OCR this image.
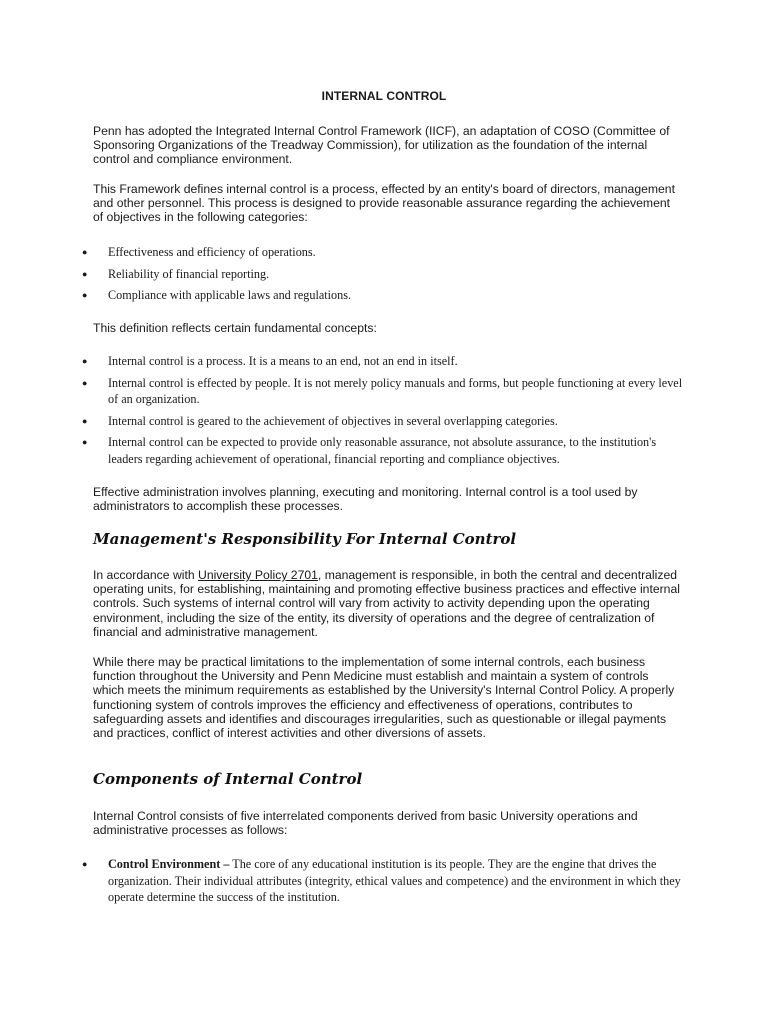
INTERNAL CONTROL

Penn has adopted the Integrated Internal Control Framework (IICF), an adaptation of COSO (Committee of Sponsoring Organizations of the Treadway Commission), for utilization as the foundation of the internal control and compliance environment.

This Framework defines internal control is a process, effected by an entity's board of directors, management and other personnel. This process is designed to provide reasonable assurance regarding the achievement of objectives in the following categories:

● Effectiveness and efficiency of operations.
● Reliability of financial reporting.
● Compliance with applicable laws and regulations.

This definition reflects certain fundamental concepts:

● Internal control is a process. It is a means to an end, not an end in itself.
● Internal control is effected by people. It is not merely policy manuals and forms, but people functioning at every level of an organization.
● Internal control is geared to the achievement of objectives in several overlapping categories.
● Internal control can be expected to provide only reasonable assurance, not absolute assurance, to the institution's leaders regarding achievement of operational, financial reporting and compliance objectives.

Effective administration involves planning, executing and monitoring. Internal control is a tool used by administrators to accomplish these processes.

Management's Responsibility For Internal Control

In accordance with University Policy 2701, management is responsible, in both the central and decentralized operating units, for establishing, maintaining and promoting effective business practices and effective internal controls. Such systems of internal control will vary from activity to activity depending upon the operating environment, including the size of the entity, its diversity of operations and the degree of centralization of financial and administrative management.

While there may be practical limitations to the implementation of some internal controls, each business function throughout the University and Penn Medicine must establish and maintain a system of controls which meets the minimum requirements as established by the University's Internal Control Policy. A properly functioning system of controls improves the efficiency and effectiveness of operations, contributes to safeguarding assets and identifies and discourages irregularities, such as questionable or illegal payments and practices, conflict of interest activities and other diversions of assets.

Components of Internal Control

Internal Control consists of five interrelated components derived from basic University operations and administrative processes as follows:

● Control Environment – The core of any educational institution is its people. They are the engine that drives the organization. Their individual attributes (integrity, ethical values and competence) and the environment in which they operate determine the success of the institution.
